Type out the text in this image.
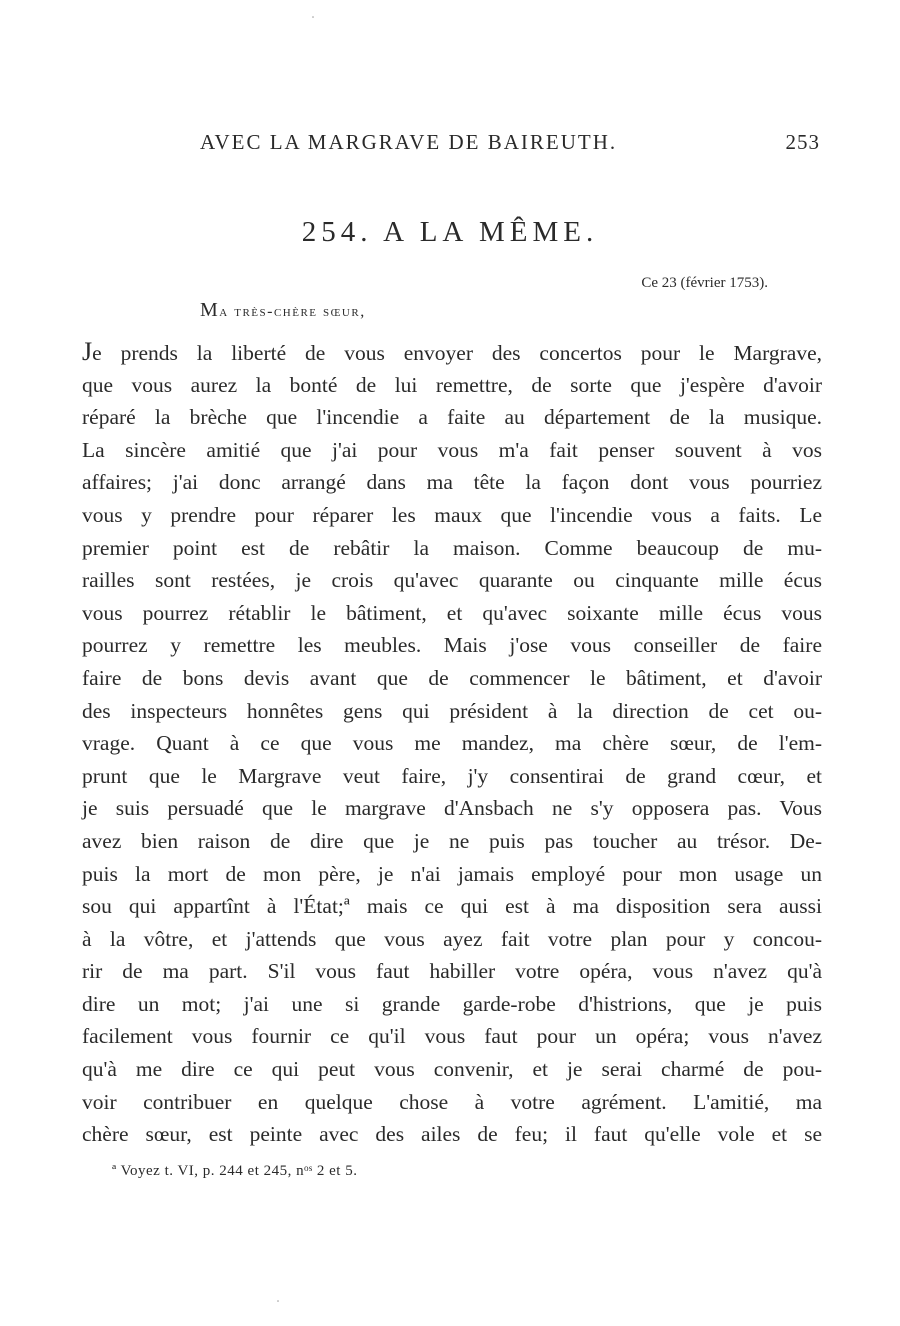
AVEC LA MARGRAVE DE BAIREUTH.	253
254. A LA MÊME.
Ce 23 (février 1753).
Ma très-chère sœur,
Je prends la liberté de vous envoyer des concertos pour le Margrave,
que vous aurez la bonté de lui remettre, de sorte que j'espère d'avoir
réparé la brèche que l'incendie a faite au département de la musique.
La sincère amitié que j'ai pour vous m'a fait penser souvent à vos
affaires; j'ai donc arrangé dans ma tête la façon dont vous pourriez
vous y prendre pour réparer les maux que l'incendie vous a faits. Le
premier point est de rebâtir la maison. Comme beaucoup de mu-
railles sont restées, je crois qu'avec quarante ou cinquante mille écus
vous pourrez rétablir le bâtiment, et qu'avec soixante mille écus vous
pourrez y remettre les meubles. Mais j'ose vous conseiller de faire
faire de bons devis avant que de commencer le bâtiment, et d'avoir
des inspecteurs honnêtes gens qui président à la direction de cet ou-
vrage. Quant à ce que vous me mandez, ma chère sœur, de l'em-
prunt que le Margrave veut faire, j'y consentirai de grand cœur, et
je suis persuadé que le margrave d'Ansbach ne s'y opposera pas. Vous
avez bien raison de dire que je ne puis pas toucher au trésor. De-
puis la mort de mon père, je n'ai jamais employé pour mon usage un
sou qui appartînt à l'État;ª mais ce qui est à ma disposition sera aussi
à la vôtre, et j'attends que vous ayez fait votre plan pour y concou-
rir de ma part. S'il vous faut habiller votre opéra, vous n'avez qu'à
dire un mot; j'ai une si grande garde-robe d'histrions, que je puis
facilement vous fournir ce qu'il vous faut pour un opéra; vous n'avez
qu'à me dire ce qui peut vous convenir, et je serai charmé de pou-
voir contribuer en quelque chose à votre agrément. L'amitié, ma
chère sœur, est peinte avec des ailes de feu; il faut qu'elle vole et se
ª Voyez t. VI, p. 244 et 245, nᵒˢ 2 et 5.
